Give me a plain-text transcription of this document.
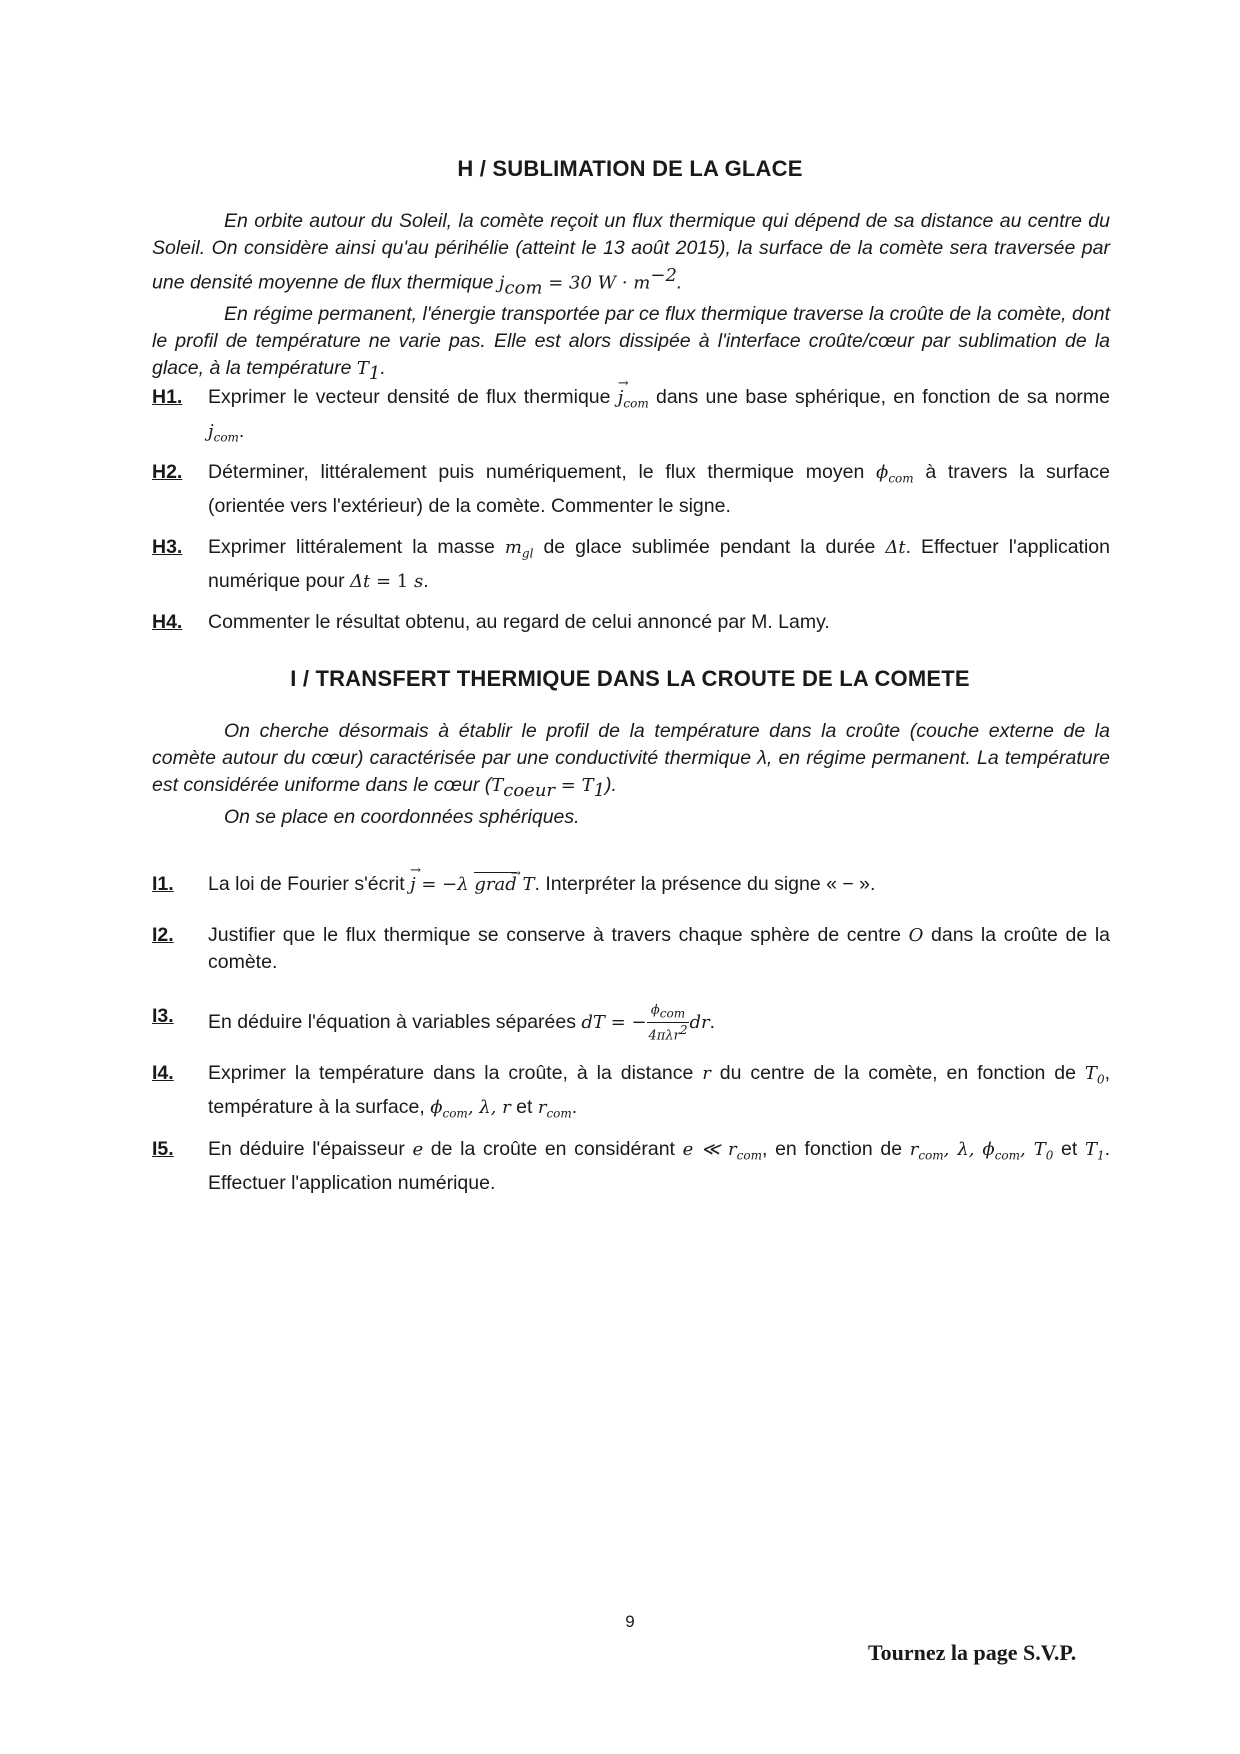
H / SUBLIMATION DE LA GLACE

En orbite autour du Soleil, la comète reçoit un flux thermique qui dépend de sa distance au centre du Soleil. On considère ainsi qu'au périhélie (atteint le 13 août 2015), la surface de la comète sera traversée par une densité moyenne de flux thermique $j_{com} = 30$ $W \cdot m^{-2}$.

En régime permanent, l'énergie transportée par ce flux thermique traverse la croûte de la comète, dont le profil de température ne varie pas. Elle est alors dissipée à l'interface croûte/cœur par sublimation de la glace, à la température $T_1$.

H1. Exprimer le vecteur densité de flux thermique → $j_{com}$ dans une base sphérique, en fonction de sa norme $j_{com}$.
H2. Déterminer, littéralement puis numériquement, le flux thermique moyen $\phi_{com}$ à travers la surface (orientée vers l'extérieur) de la comète. Commenter le signe.
H3. Exprimer littéralement la masse $m_{gl}$ de glace sublimée pendant la durée Δt. Effectuer l'application numérique pour Δt = 1 s.
H4. Commenter le résultat obtenu, au regard de celui annoncé par M. Lamy.
I / TRANSFERT THERMIQUE DANS LA CROUTE DE LA COMETE

On cherche désormais à établir le profil de la température dans la croûte (couche externe de la comète autour du cœur) caractérisée par une conductivité thermique λ, en régime permanent. La température est considérée uniforme dans le cœur $(T_{coeur} = T_1)$.

On se place en coordonnées sphériques.

I1. La loi de Fourier s'écrit → j = −λ grad → T. Interpréter la présence du signe « − ».
I2. Justifier que le flux thermique se conserve à travers chaque sphère de centre O dans la croûte de la comète.
I3. En déduire l'équation à variables séparées dT = − $\frac{\phi_{com}}{4\pi\lambda r^2}$ dr.
I4. Exprimer la température dans la croûte, à la distance r du centre de la comète, en fonction de $T_0$, température à la surface, $\phi_{com}$, λ, r et $r_{com}$.
I5. En déduire l'épaisseur e de la croûte en considérant e ≪ $r_{com}$, en fonction de $r_{com}$, λ, $\phi_{com}$, $T_0$ et $T_1$. Effectuer l'application numérique.
9
Tournez la page S.V.P.
